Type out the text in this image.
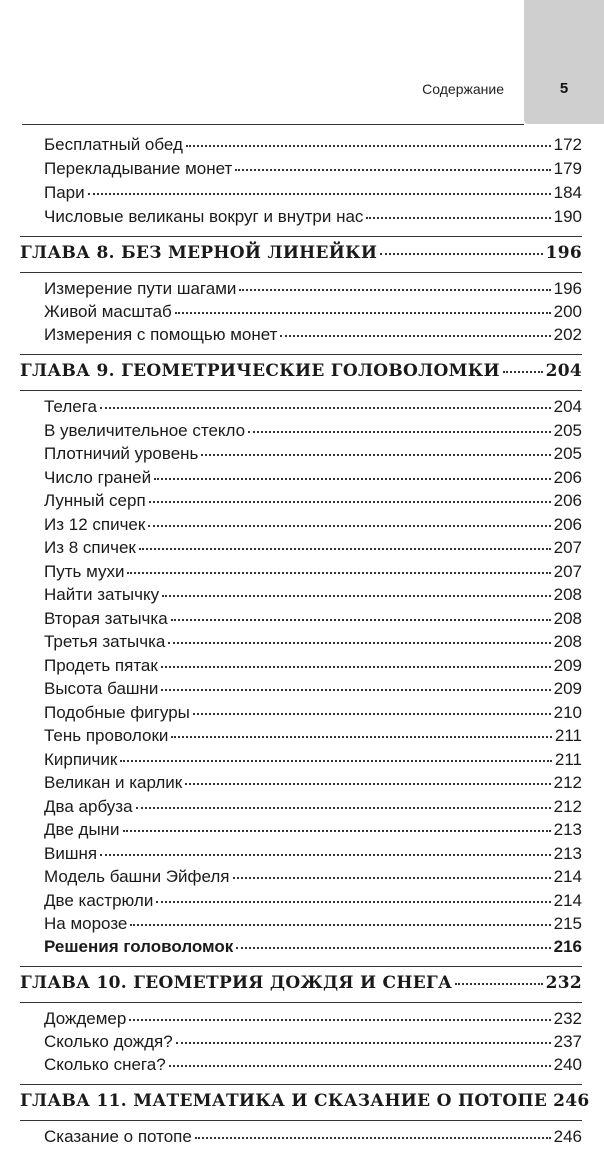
5
Содержание
Бесплатный обед	172
Перекладывание монет	179
Пари	184
Числовые великаны вокруг и внутри нас	190
ГЛАВА 8. БЕЗ МЕРНОЙ ЛИНЕЙКИ	196
Измерение пути шагами	196
Живой масштаб	200
Измерения с помощью монет	202
ГЛАВА 9. ГЕОМЕТРИЧЕСКИЕ ГОЛОВОЛОМКИ	204
Телега	204
В увеличительное стекло	205
Плотничий уровень	205
Число граней	206
Лунный серп	206
Из 12 спичек	206
Из 8 спичек	207
Путь мухи	207
Найти затычку	208
Вторая затычка	208
Третья затычка	208
Продеть пятак	209
Высота башни	209
Подобные фигуры	210
Тень проволоки	211
Кирпичик	211
Великан и карлик	212
Два арбуза	212
Две дыни	213
Вишня	213
Модель башни Эйфеля	214
Две кастрюли	214
На морозе	215
Решения головоломок	216
ГЛАВА 10. ГЕОМЕТРИЯ ДОЖДЯ И СНЕГА	232
Дождемер	232
Сколько дождя?	237
Сколько снега?	240
ГЛАВА 11. МАТЕМАТИКА И СКАЗАНИЕ О ПОТОПЕ 246
Сказание о потопе	246
